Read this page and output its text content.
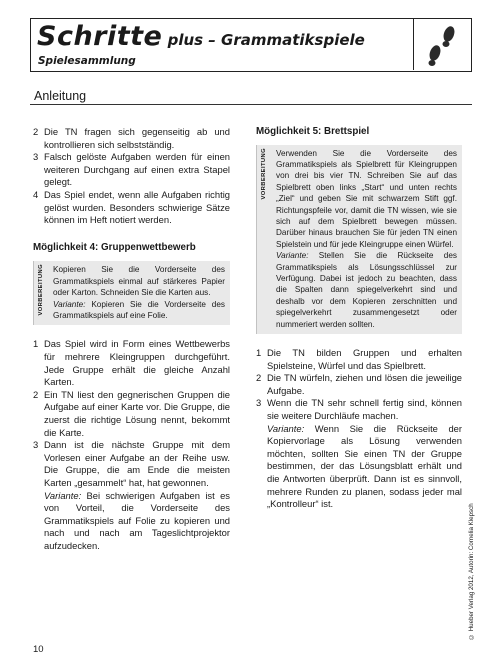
Schritte plus – Grammatikspiele
Spielesammlung
Anleitung
2 Die TN fragen sich gegenseitig ab und kontrollieren sich selbstständig.
3 Falsch gelöste Aufgaben werden für einen weiteren Durchgang auf einen extra Stapel gelegt.
4 Das Spiel endet, wenn alle Aufgaben richtig gelöst wurden. Besonders schwierige Sätze können im Heft notiert werden.
Möglichkeit 4: Gruppenwettbewerb
VORBEREITUNG	Kopieren Sie die Vorderseite des Grammatikspiels einmal auf stärkeres Papier oder Karton. Schneiden Sie die Karten aus.
Variante: Kopieren Sie die Vorderseite des Grammatikspiels auf eine Folie.

1 Das Spiel wird in Form eines Wettbewerbs für mehrere Kleingruppen durchgeführt. Jede Gruppe erhält die gleiche Anzahl Karten.
2 Ein TN liest den gegnerischen Gruppen die Aufgabe auf einer Karte vor. Die Gruppe, die zuerst die richtige Lösung nennt, bekommt die Karte.
3 Dann ist die nächste Gruppe mit dem Vorlesen einer Aufgabe an der Reihe usw. Die Gruppe, die am Ende die meisten Karten „gesammelt“ hat, hat gewonnen.
Variante: Bei schwierigen Aufgaben ist es von Vorteil, die Vorderseite des Grammatikspiels auf Folie zu kopieren und nach und nach am Tageslichtprojektor aufzudecken.
Möglichkeit 5: Brettspiel
VORBEREITUNG	Verwenden Sie die Vorderseite des Grammatikspiels als Spielbrett für Kleingruppen von drei bis vier TN. Schreiben Sie auf das Spielbrett oben links „Start“ und unten rechts „Ziel“ und geben Sie mit schwarzem Stift ggf. Richtungspfeile vor, damit die TN wissen, wie sie sich auf dem Spielbrett bewegen müssen. Darüber hinaus brauchen Sie für jeden TN einen Spielstein und für jede Kleingruppe einen Würfel.
Variante: Stellen Sie die Rückseite des Grammatikspiels als Lösungsschlüssel zur Verfügung. Dabei ist jedoch zu beachten, dass die Spalten dann spiegelverkehrt sind und deshalb vor dem Kopieren zerschnitten und spiegelverkehrt zusammengesetzt oder nummeriert werden sollten.

1 Die TN bilden Gruppen und erhalten Spielsteine, Würfel und das Spielbrett.
2 Die TN würfeln, ziehen und lösen die jeweilige Aufgabe.
3 Wenn die TN sehr schnell fertig sind, können sie weitere Durchläufe machen.
Variante: Wenn Sie die Rückseite der Kopiervorlage als Lösung verwenden möchten, sollten Sie einen TN der Gruppe bestimmen, der das Lösungsblatt erhält und die Antworten überprüft. Dann ist es sinnvoll, mehrere Runden zu planen, sodass jeder mal „Kontrolleur“ ist.	© Hueber Verlag 2012, Autorin: Cornelia Klepsch
10
